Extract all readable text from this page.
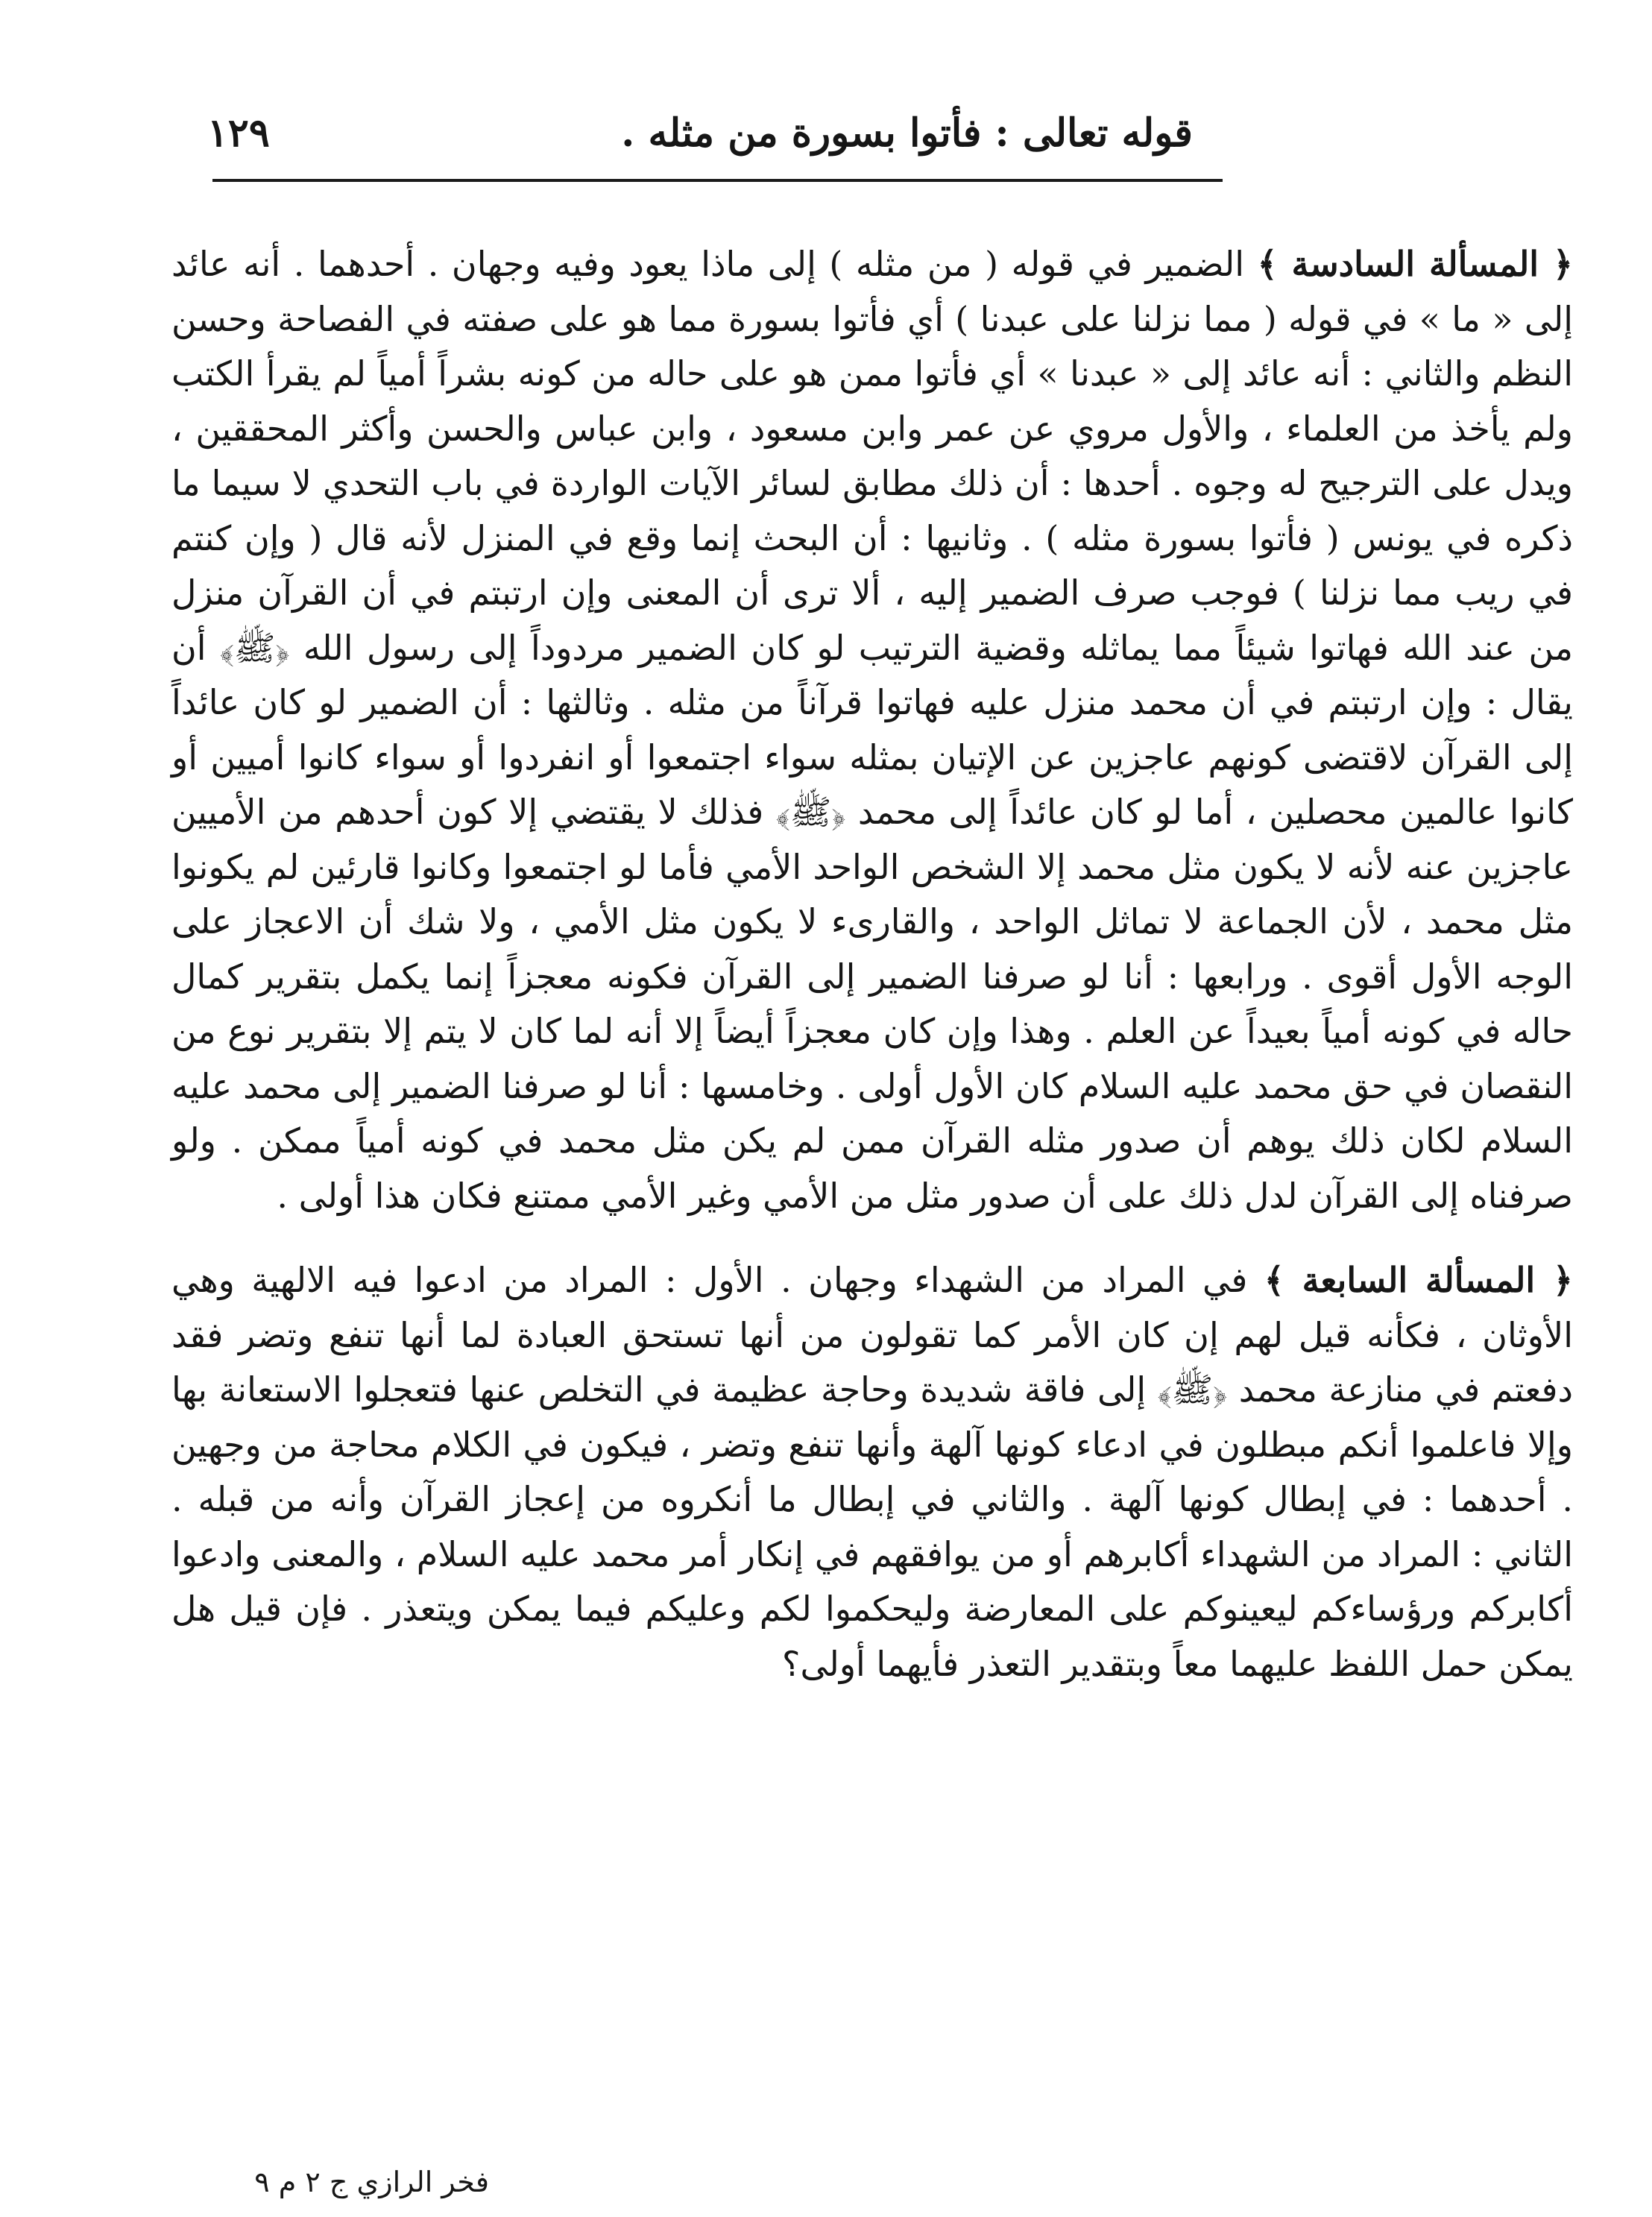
قوله تعالى : فأتوا بسورة من مثله .
١٢٩

﴿ المسألة السادسة ﴾ الضمير في قوله ( من مثله ) إلى ماذا يعود وفيه وجهان . أحدهما . أنه عائد إلى « ما » في قوله ( مما نزلنا على عبدنا ) أي فأتوا بسورة مما هو على صفته في الفصاحة وحسن النظم والثاني : أنه عائد إلى « عبدنا » أي فأتوا ممن هو على حاله من كونه بشراً أمياً لم يقرأ الكتب ولم يأخذ من العلماء ، والأول مروي عن عمر وابن مسعود ، وابن عباس والحسن وأكثر المحققين ، ويدل على الترجيح له وجوه . أحدها : أن ذلك مطابق لسائر الآيات الواردة في باب التحدي لا سيما ما ذكره في يونس ( فأتوا بسورة مثله ) . وثانيها : أن البحث إنما وقع في المنزل لأنه قال ( وإن كنتم في ريب مما نزلنا ) فوجب صرف الضمير إليه ، ألا ترى أن المعنى وإن ارتبتم في أن القرآن منزل من عند الله فهاتوا شيئاً مما يماثله وقضية الترتيب لو كان الضمير مردوداً إلى رسول الله ﴿ﷺ﴾ أن يقال : وإن ارتبتم في أن محمد منزل عليه فهاتوا قرآناً من مثله . وثالثها : أن الضمير لو كان عائداً إلى القرآن لاقتضى كونهم عاجزين عن الإتيان بمثله سواء اجتمعوا أو انفردوا أو سواء كانوا أميين أو كانوا عالمين محصلين ، أما لو كان عائداً إلى محمد ﴿ﷺ﴾ فذلك لا يقتضي إلا كون أحدهم من الأميين عاجزين عنه لأنه لا يكون مثل محمد إلا الشخص الواحد الأمي فأما لو اجتمعوا وكانوا قارئين لم يكونوا مثل محمد ، لأن الجماعة لا تماثل الواحد ، والقارىء لا يكون مثل الأمي ، ولا شك أن الاعجاز على الوجه الأول أقوى . ورابعها : أنا لو صرفنا الضمير إلى القرآن فكونه معجزاً إنما يكمل بتقرير كمال حاله في كونه أمياً بعيداً عن العلم . وهذا وإن كان معجزاً أيضاً إلا أنه لما كان لا يتم إلا بتقرير نوع من النقصان في حق محمد عليه السلام كان الأول أولى . وخامسها : أنا لو صرفنا الضمير إلى محمد عليه السلام لكان ذلك يوهم أن صدور مثله القرآن ممن لم يكن مثل محمد في كونه أمياً ممكن . ولو صرفناه إلى القرآن لدل ذلك على أن صدور مثل من الأمي وغير الأمي ممتنع فكان هذا أولى .

﴿ المسألة السابعة ﴾ في المراد من الشهداء وجهان . الأول : المراد من ادعوا فيه الالهية وهي الأوثان ، فكأنه قيل لهم إن كان الأمر كما تقولون من أنها تستحق العبادة لما أنها تنفع وتضر فقد دفعتم في منازعة محمد ﴿ﷺ﴾ إلى فاقة شديدة وحاجة عظيمة في التخلص عنها فتعجلوا الاستعانة بها وإلا فاعلموا أنكم مبطلون في ادعاء كونها آلهة وأنها تنفع وتضر ، فيكون في الكلام محاجة من وجهين . أحدهما : في إبطال كونها آلهة . والثاني في إبطال ما أنكروه من إعجاز القرآن وأنه من قبله . الثاني : المراد من الشهداء أكابرهم أو من يوافقهم في إنكار أمر محمد عليه السلام ، والمعنى وادعوا أكابركم ورؤساءكم ليعينوكم على المعارضة وليحكموا لكم وعليكم فيما يمكن ويتعذر . فإن قيل هل يمكن حمل اللفظ عليهما معاً وبتقدير التعذر فأيهما أولى؟

فخر الرازي ج ٢ م ٩
